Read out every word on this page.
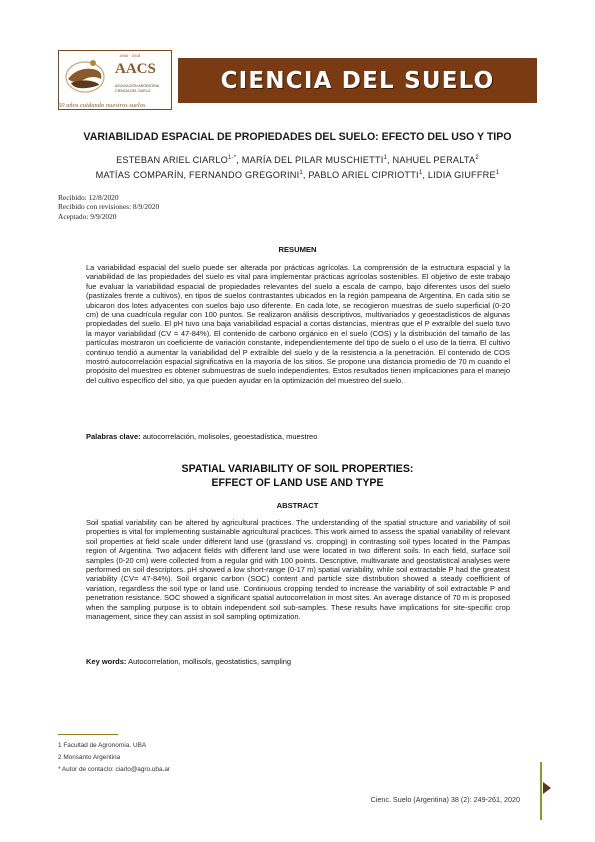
1958 · 2018
AACS
ASOCIACIÓN ARGENTINA CIENCIA DEL SUELO
60 años cuidando nuestros suelos
CIENCIA DEL SUELO
VARIABILIDAD ESPACIAL DE PROPIEDADES DEL SUELO: EFECTO DEL USO Y TIPO
ESTEBAN ARIEL $CIARLO^{1-*}$, MARÍA DEL PILAR MUSCHIETTI$^1$, NAHUEL PERALTA$^2$
MATÍAS COMPARÍN, FERNANDO GREGORINI$^1$, PABLO ARIEL CIPRIOTTI$^1$, LIDIA GIUFFRE$^1$
Recibido: 12/8/2020
Recibido con revisiones: 8/9/2020
Aceptado: 9/9/2020
RESUMEN
La variabilidad espacial del suelo puede ser alterada por prácticas agrícolas. La comprensión de la estructura espacial y la variabilidad de las propiedades del suelo es vital para implementar prácticas agrícolas sostenibles. El objetivo de este trabajo fue evaluar la variabilidad espacial de propiedades relevantes del suelo a escala de campo, bajo diferentes usos del suelo (pastizales frente a cultivos), en tipos de suelos contrastantes ubicados en la región pampeana de Argentina. En cada sitio se ubicaron dos lotes adyacentes con suelos bajo uso diferente. En cada lote, se recogieron muestras de suelo superficial (0-20 cm) de una cuadrícula regular con 100 puntos. Se realizaron análisis descriptivos, multivariados y geoestadísticos de algunas propiedades del suelo. El pH tuvo una baja variabilidad espacial a cortas distancias, mientras que el P extraíble del suelo tuvo la mayor variabilidad (CV = 47-84%). El contenido de carbono orgánico en el suelo (COS) y la distribución del tamaño de las partículas mostraron un coeficiente de variación constante, independientemente del tipo de suelo o el uso de la tierra. El cultivo continuo tendió a aumentar la variabilidad del P extraíble del suelo y de la resistencia a la penetración. El contenido de COS mostró autocorrelación espacial significativa en la mayoría de los sitios. Se propone una distancia promedio de 70 m cuando el propósito del muestreo es obtener submuestras de suelo independientes. Estos resultados tienen implicaciones para el manejo del cultivo específico del sitio, ya que pueden ayudar en la optimización del muestreo del suelo.
Palabras clave: autocorrelación, molisoles, geoestadística, muestreo
SPATIAL VARIABILITY OF SOIL PROPERTIES:
EFFECT OF LAND USE AND TYPE
ABSTRACT
Soil spatial variability can be altered by agricultural practices. The understanding of the spatial structure and variability of soil properties is vital for implementing sustainable agricultural practices. This work aimed to assess the spatial variability of relevant soil properties at field scale under different land use (grassland vs. cropping) in contrasting soil types located in the Pampas region of Argentina. Two adjacent fields with different land use were located in two different soils. In each field, surface soil samples (0-20 cm) were collected from a regular grid with 100 points. Descriptive, multivariate and geostatistical analyses were performed on soil descriptors. pH showed a low short-range (0-17 m) spatial variability, while soil extractable P had the greatest variability (CV= 47-84%). Soil organic carbon (SOC) content and particle size distribution showed a steady coefficient of variation, regardless the soil type or land use. Continuous cropping tended to increase the variability of soil extractable P and penetration resistance. SOC showed a significant spatial autocorrelation in most sites. An average distance of 70 m is proposed when the sampling purpose is to obtain independent soil sub-samples. These results have implications for site-specific crop management, since they can assist in soil sampling optimization.
Key words: Autocorrelation, mollisols, geostatistics, sampling
1 Facultad de Agronomía. UBA
2 Monsanto Argentina
* Autor de contacto: ciarlo@agro.uba.ar
Cienc. Suelo (Argentina) 38 (2): 249-261, 2020
